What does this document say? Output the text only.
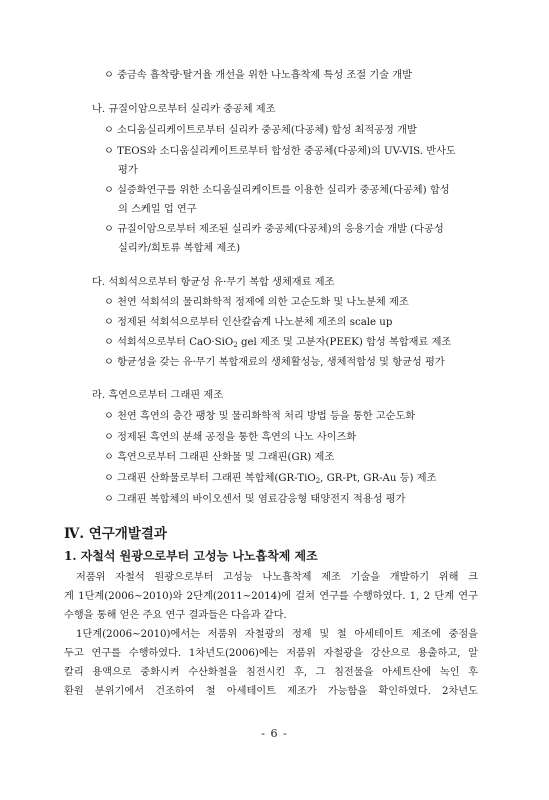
ㅇ 중금속 흡착량·탈거율 개선을 위한 나노흡착제 특성 조절 기술 개발
나. 규질이암으로부터 실리카 중공체 제조
ㅇ 소디움실리케이트로부터 실리카 중공체(다공체) 합성 최적공정 개발
ㅇ TEOS와 소디움실리케이트로부터 합성한 중공체(다공체)의 UV-VIS. 반사도
평가
ㅇ 실증화연구를 위한 소디움실리케이트를 이용한 실리카 중공체(다공체) 합성
의 스케일 업 연구
ㅇ 규질이암으로부터 제조된 실리카 중공체(다공체)의 응용기술 개발 (다공성
실리카/희토류 복합체 제조)
다. 석회석으로부터 항균성 유·무기 복합 생체재료 제조
ㅇ 천연 석회석의 물리화학적 정제에 의한 고순도화 및 나노분체 제조
ㅇ 정제된 석회석으로부터 인산칼슘계 나노분체 제조의 scale up
ㅇ 석회석으로부터 CaO·SiO$_2$ gel 제조 및 고분자(PEEK) 합성 복합재료 제조
ㅇ 항균성을 갖는 유·무기 복합재료의 생체활성능, 생체적합성 및 항균성 평가
라. 흑연으로부터 그래핀 제조
ㅇ 천연 흑연의 층간 팽창 및 물리화학적 처리 방법 등을 통한 고순도화
ㅇ 정제된 흑연의 분쇄 공정을 통한 흑연의 나노 사이즈화
ㅇ 흑연으로부터 그래핀 산화물 및 그래핀(GR) 제조
ㅇ 그래핀 산화물로부터 그래핀 복합체(GR-TiO$_2$, GR-Pt, GR-Au 등) 제조
ㅇ 그래핀 복합체의 바이오센서 및 염료감응형 태양전지 적용성 평가
Ⅳ. 연구개발결과
1. 자철석 원광으로부터 고성능 나노흡착제 제조
저품위 자철석 원광으로부터 고성능 나노흡착제 제조 기술을 개발하기 위해 크
게 1단계(2006~2010)와 2단계(2011~2014)에 걸쳐 연구를 수행하였다. 1, 2 단계 연구
수행을 통해 얻은 주요 연구 결과들은 다음과 같다.
1단계(2006~2010)에서는 저품위 자철광의 정제 및 철 아세테이트 제조에 중점을
두고 연구를 수행하였다. 1차년도(2006)에는 저품위 자철광을 강산으로 용출하고, 알
칼리 용액으로 중화시켜 수산화철을 침전시킨 후, 그 침전물을 아세트산에 녹인 후
환원 분위기에서 건조하여 철 아세테이트 제조가 가능함을 확인하였다. 2차년도
- 6 -
